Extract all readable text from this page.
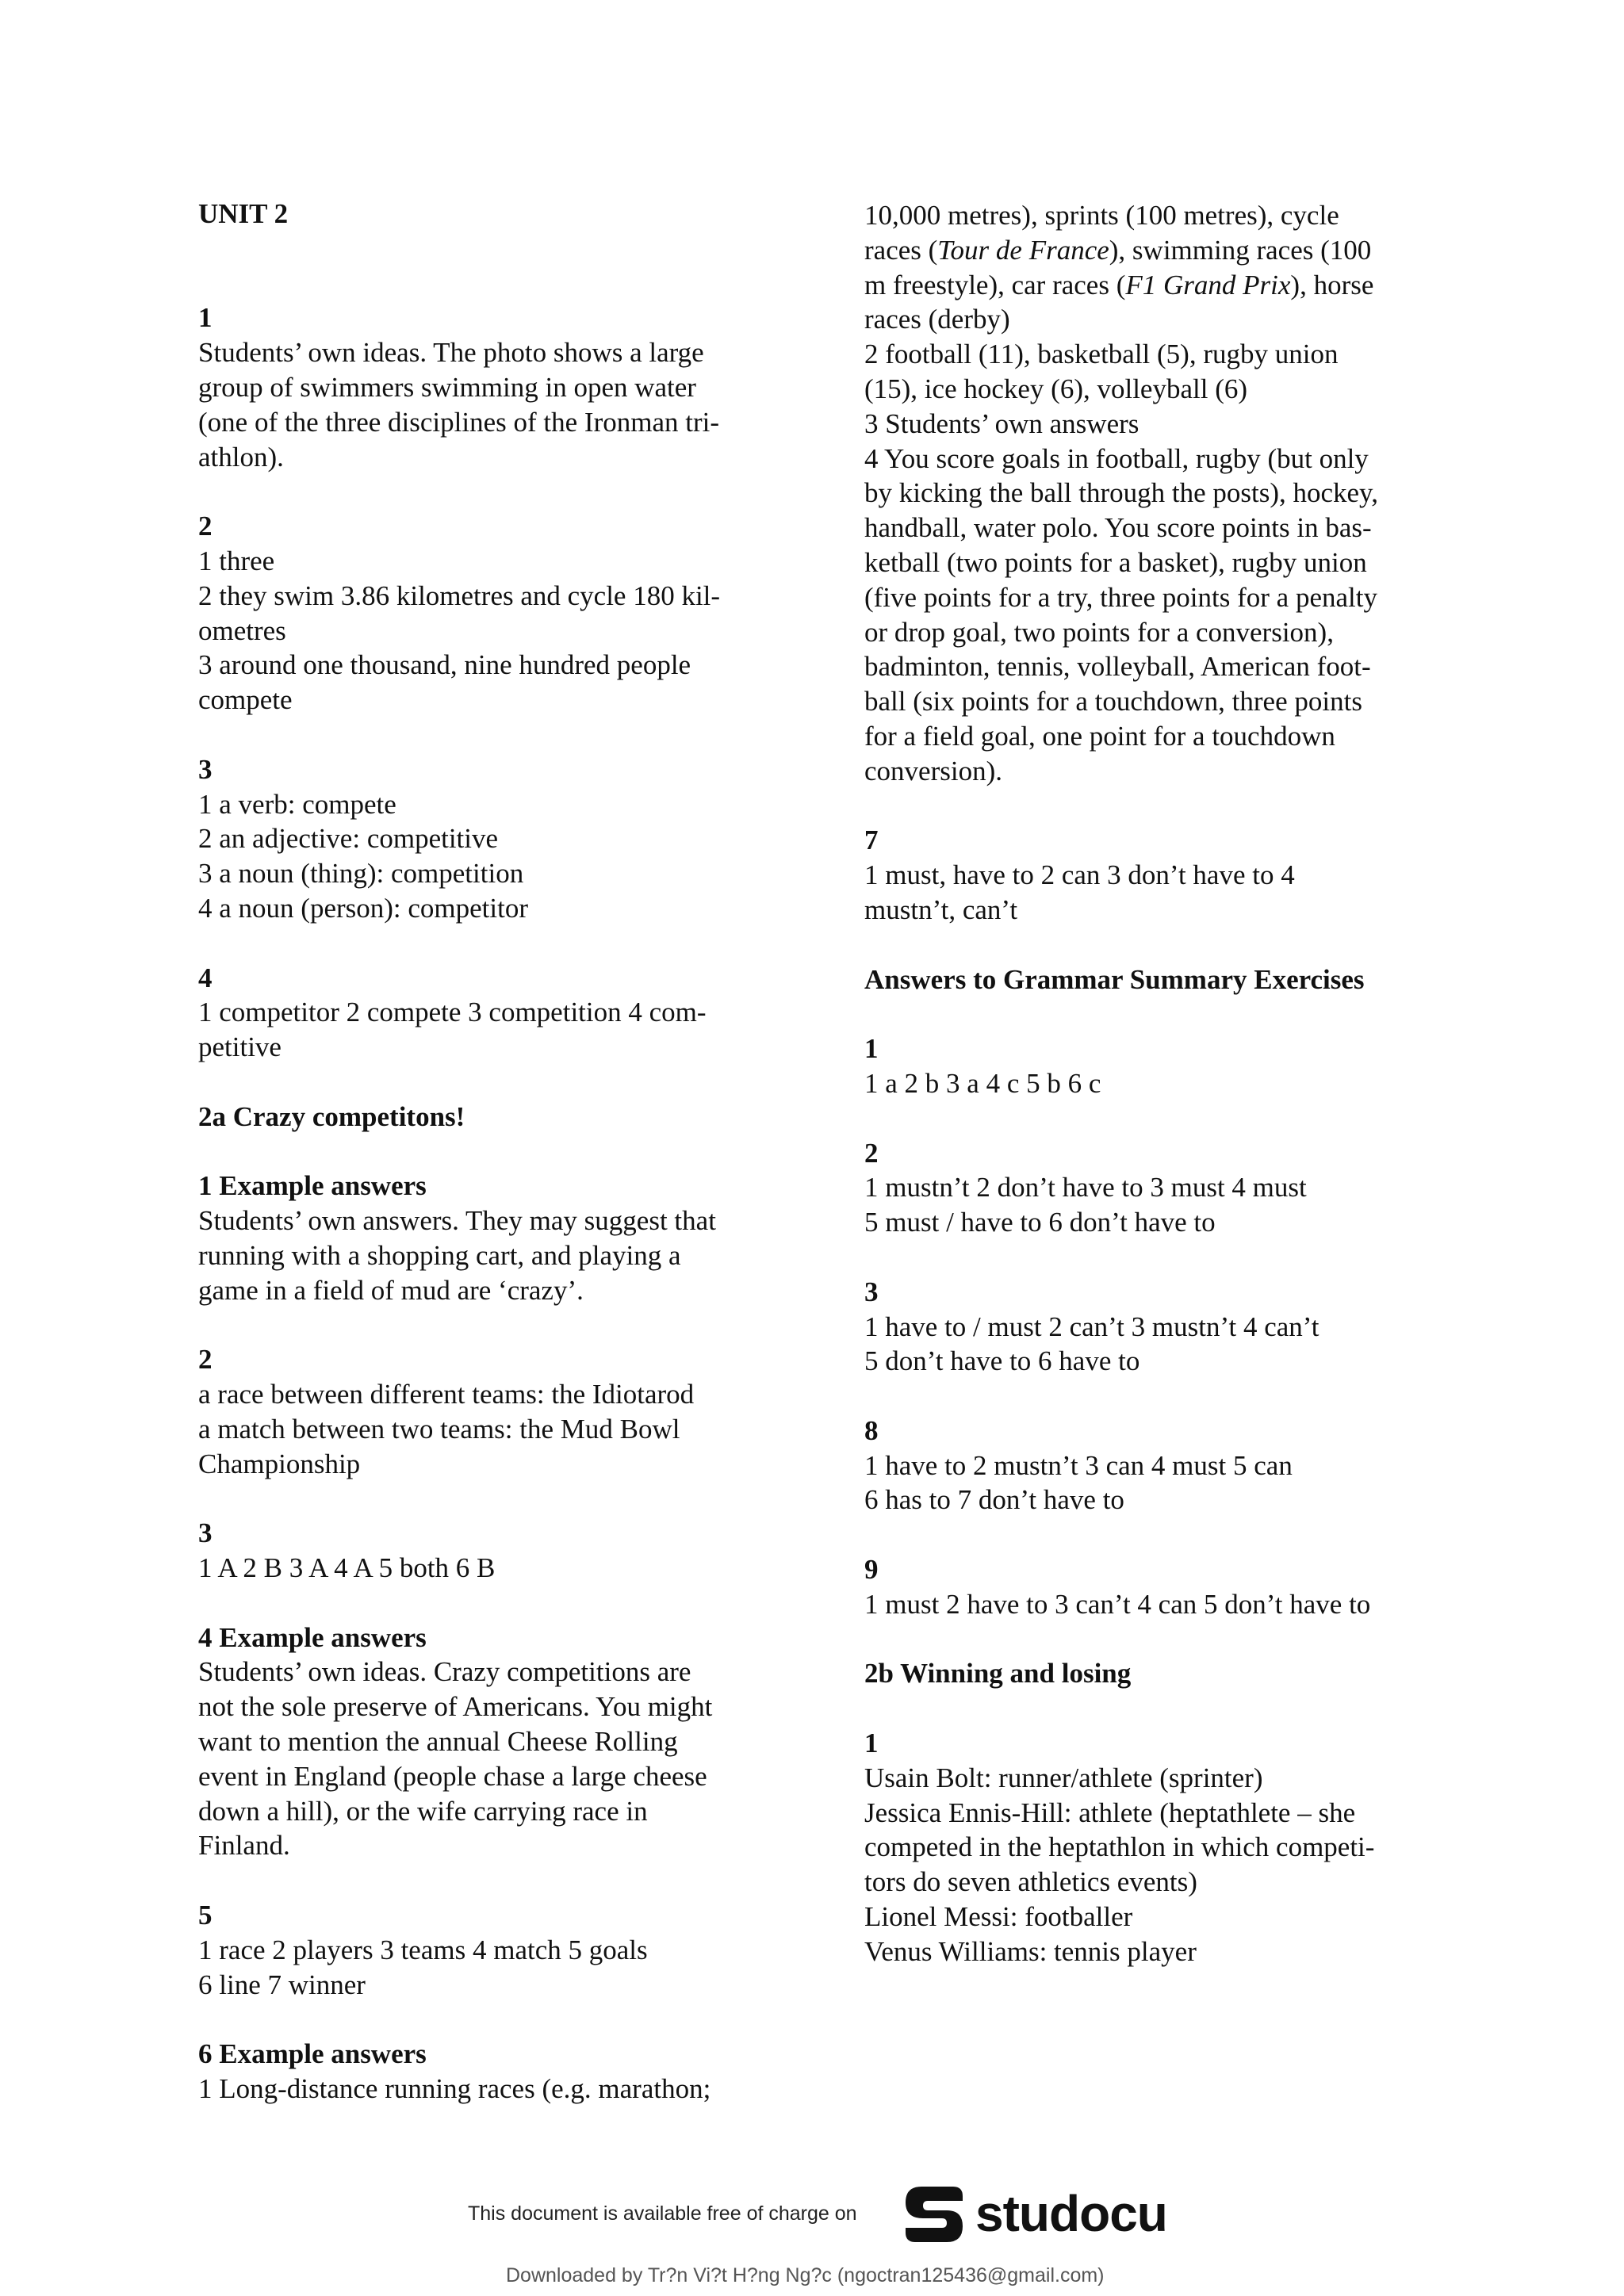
UNIT 2
1
Students’ own ideas. The photo shows a large
group of swimmers swimming in open water
(one of the three disciplines of the Ironman tri-
athlon).
2
1 three
2 they swim 3.86 kilometres and cycle 180 kil-
ometres
3 around one thousand, nine hundred people
compete
3
1 a verb: compete
2 an adjective: competitive
3 a noun (thing): competition
4 a noun (person): competitor
4
1 competitor 2 compete 3 competition 4 com-
petitive
2a Crazy competitons!
1 Example answers
Students’ own answers. They may suggest that
running with a shopping cart, and playing a
game in a field of mud are ‘crazy’.
2
a race between different teams: the Idiotarod
a match between two teams: the Mud Bowl
Championship
3
1 A 2 B 3 A 4 A 5 both 6 B
4 Example answers
Students’ own ideas. Crazy competitions are
not the sole preserve of Americans. You might
want to mention the annual Cheese Rolling
event in England (people chase a large cheese
down a hill), or the wife carrying race in
Finland.
5
1 race 2 players 3 teams 4 match 5 goals
6 line 7 winner
6 Example answers
1 Long-distance running races (e.g. marathon;
10,000 metres), sprints (100 metres), cycle
races (Tour de France), swimming races (100
m freestyle), car races (F1 Grand Prix), horse
races (derby)
2 football (11), basketball (5), rugby union
(15), ice hockey (6), volleyball (6)
3 Students’ own answers
4 You score goals in football, rugby (but only
by kicking the ball through the posts), hockey,
handball, water polo. You score points in bas-
ketball (two points for a basket), rugby union
(five points for a try, three points for a penalty
or drop goal, two points for a conversion),
badminton, tennis, volleyball, American foot-
ball (six points for a touchdown, three points
for a field goal, one point for a touchdown
conversion).
7
1 must, have to 2 can 3 don’t have to 4
mustn’t, can’t
Answers to Grammar Summary Exercises
1
1 a 2 b 3 a 4 c 5 b 6 c
2
1 mustn’t 2 don’t have to 3 must 4 must
5 must / have to 6 don’t have to
3
1 have to / must 2 can’t 3 mustn’t 4 can’t
5 don’t have to 6 have to
8
1 have to 2 mustn’t 3 can 4 must 5 can
6 has to 7 don’t have to
9
1 must 2 have to 3 can’t 4 can 5 don’t have to
2b Winning and losing
1
Usain Bolt: runner/athlete (sprinter)
Jessica Ennis-Hill: athlete (heptathlete – she
competed in the heptathlon in which competi-
tors do seven athletics events)
Lionel Messi: footballer
Venus Williams: tennis player
This document is available free of charge on studocu
Downloaded by Tr?n Vi?t H?ng Ng?c (ngoctran125436@gmail.com)
